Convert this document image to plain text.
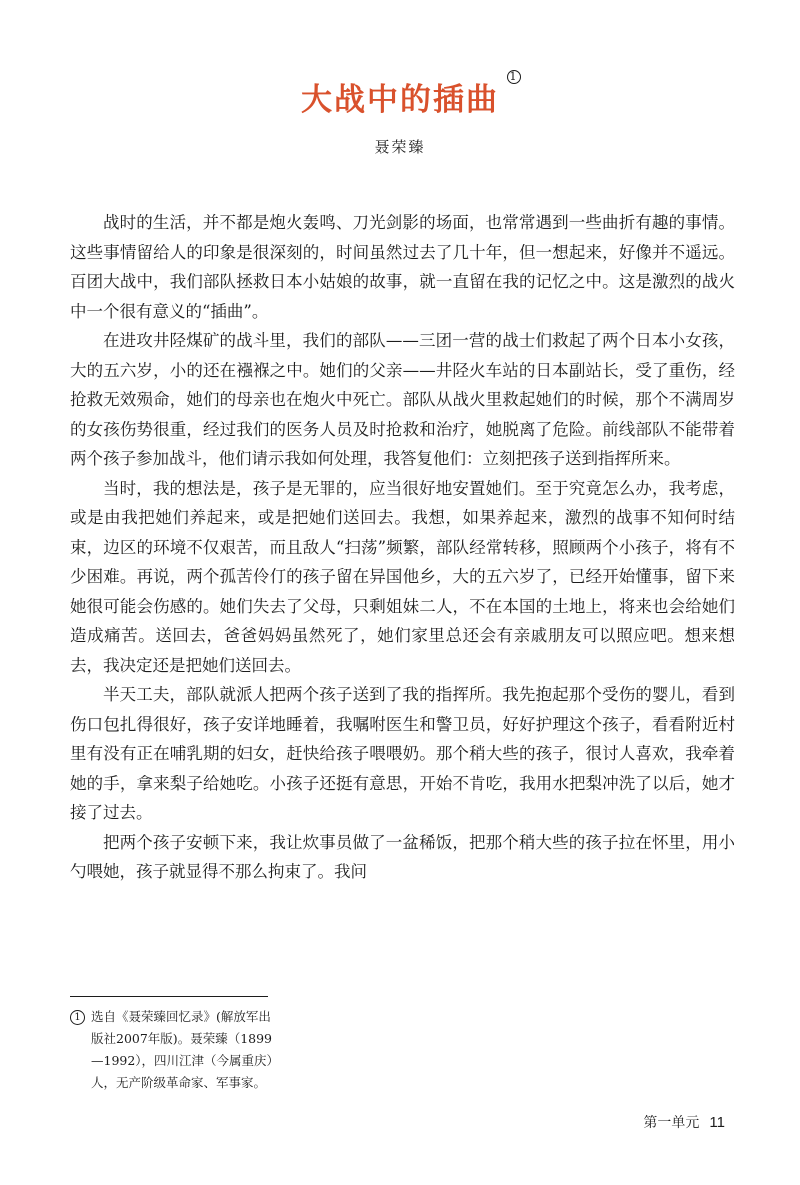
大战中的插曲
1
聂荣臻

战时的生活，并不都是炮火轰鸣、刀光剑影的场面，也常常遇到一些曲折有趣的事情。这些事情留给人的印象是很深刻的，时间虽然过去了几十年，但一想起来，好像并不遥远。百团大战中，我们部队拯救日本小姑娘的故事，就一直留在我的记忆之中。这是激烈的战火中一个很有意义的“插曲”。

在进攻井陉煤矿的战斗里，我们的部队——三团一营的战士们救起了两个日本小女孩，大的五六岁，小的还在襁褓之中。她们的父亲——井陉火车站的日本副站长，受了重伤，经抢救无效殒命，她们的母亲也在炮火中死亡。部队从战火里救起她们的时候，那个不满周岁的女孩伤势很重，经过我们的医务人员及时抢救和治疗，她脱离了危险。前线部队不能带着两个孩子参加战斗，他们请示我如何处理，我答复他们：立刻把孩子送到指挥所来。

当时，我的想法是，孩子是无罪的，应当很好地安置她们。至于究竟怎么办，我考虑，或是由我把她们养起来，或是把她们送回去。我想，如果养起来，激烈的战事不知何时结束，边区的环境不仅艰苦，而且敌人“扫荡”频繁，部队经常转移，照顾两个小孩子，将有不少困难。再说，两个孤苦伶仃的孩子留在异国他乡，大的五六岁了，已经开始懂事，留下来她很可能会伤感的。她们失去了父母，只剩姐妹二人，不在本国的土地上，将来也会给她们造成痛苦。送回去，爸爸妈妈虽然死了，她们家里总还会有亲戚朋友可以照应吧。想来想去，我决定还是把她们送回去。

半天工夫，部队就派人把两个孩子送到了我的指挥所。我先抱起那个受伤的婴儿，看到伤口包扎得很好，孩子安详地睡着，我嘱咐医生和警卫员，好好护理这个孩子，看看附近村里有没有正在哺乳期的妇女，赶快给孩子喂喂奶。那个稍大些的孩子，很讨人喜欢，我牵着她的手，拿来梨子给她吃。小孩子还挺有意思，开始不肯吃，我用水把梨冲洗了以后，她才接了过去。

把两个孩子安顿下来，我让炊事员做了一盆稀饭，把那个稍大些的孩子拉在怀里，用小勺喂她，孩子就显得不那么拘束了。我问

1 选自《聂荣臻回忆录》(解放军出版社2007年版)。聂荣臻（1899—1992），四川江津（今属重庆）人，无产阶级革命家、军事家。
第一单元 11
